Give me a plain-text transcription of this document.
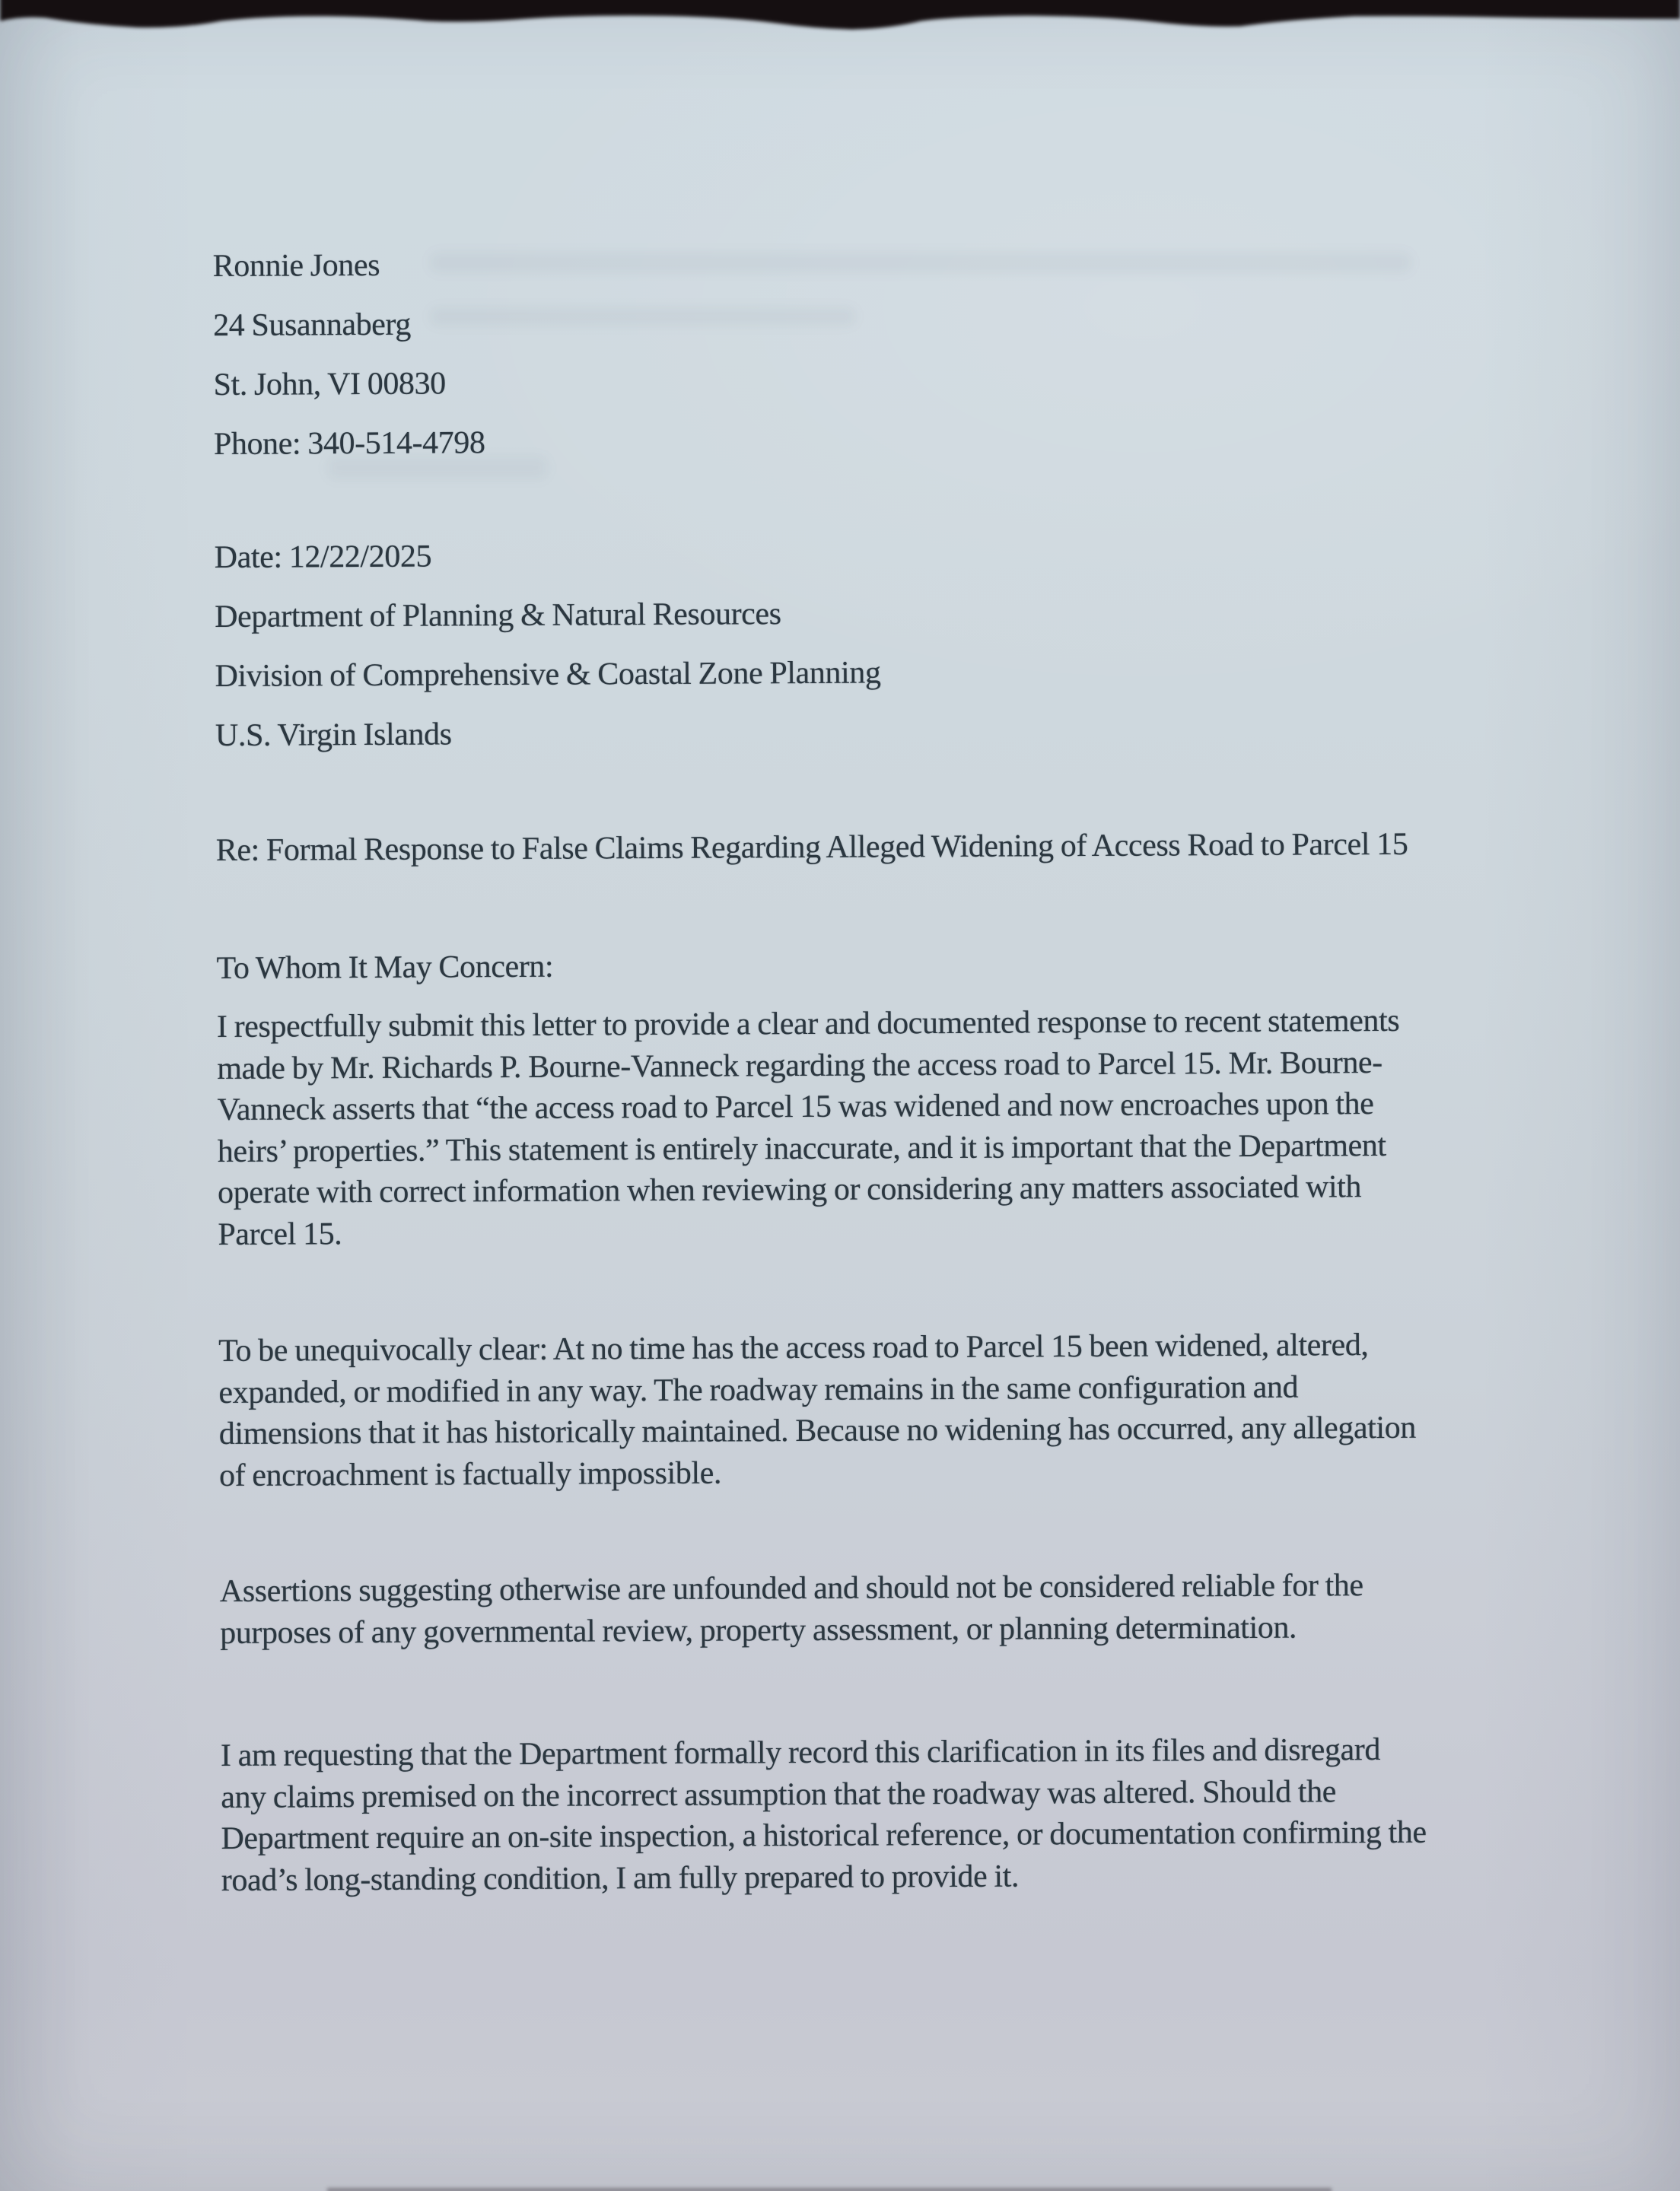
Ronnie Jones
24 Susannaberg
St. John, VI 00830
Phone: 340-514-4798
Date: 12/22/2025
Department of Planning & Natural Resources
Division of Comprehensive & Coastal Zone Planning
U.S. Virgin Islands
Re: Formal Response to False Claims Regarding Alleged Widening of Access Road to Parcel 15
To Whom It May Concern:
I respectfully submit this letter to provide a clear and documented response to recent statements
made by Mr. Richards P. Bourne-Vanneck regarding the access road to Parcel 15. Mr. Bourne-
Vanneck asserts that “the access road to Parcel 15 was widened and now encroaches upon the
heirs’ properties.” This statement is entirely inaccurate, and it is important that the Department
operate with correct information when reviewing or considering any matters associated with
Parcel 15.
To be unequivocally clear: At no time has the access road to Parcel 15 been widened, altered,
expanded, or modified in any way. The roadway remains in the same configuration and
dimensions that it has historically maintained. Because no widening has occurred, any allegation
of encroachment is factually impossible.
Assertions suggesting otherwise are unfounded and should not be considered reliable for the
purposes of any governmental review, property assessment, or planning determination.
I am requesting that the Department formally record this clarification in its files and disregard
any claims premised on the incorrect assumption that the roadway was altered. Should the
Department require an on-site inspection, a historical reference, or documentation confirming the
road’s long-standing condition, I am fully prepared to provide it.
